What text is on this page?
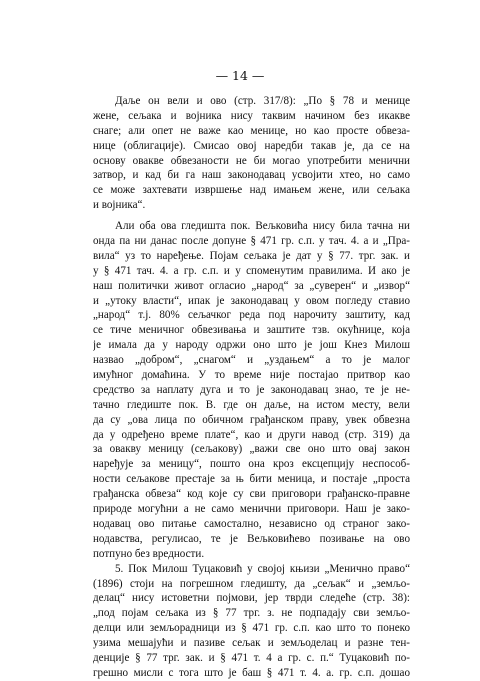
— 14 —
Даље он вели и ово (стр. 317/8): „По § 78 и менице
жене, сељака и војника нису таквим начином без икакве
снаге; али опет не важе као менице, но као просте обвеза-
нице (облигације). Смисао овој наредби такав је, да се на
основу овакве обвезаности не би могао употребити менични
затвор, и кад би га наш законодавац усвојити хтео, но само
се може захтевати извршење над имањем жене, или сељака
и војника“.
Али оба ова гледишта пок. Вељковића нису била тачна ни
онда па ни данас после допуне § 471 гр. с.п. у тач. 4. а и „Пра-
вила“ уз то наређење. Појам сељака је дат у § 77. трг. зак. и
у § 471 тач. 4. а гр. с.п. и у споменутим правилима. И ако је
наш политички живот огласио „народ“ за „суверен“ и „извор“
и „утоку власти“, ипак је законодавац у овом погледу ставио
„народ“ т.ј. 80% сељачког реда под нарочиту заштиту, кад
се тиче меничног обвезивања и заштите тзв. окућнице, која
је имала да у народу одржи оно што је још Кнез Милош
назвао „добром“, „снагом“ и „уздањем“ а то је малог
имућног домаћина. У то време није постајао притвор као
средство за наплату дуга и то је законодавац знао, те је не-
тачно гледиште пок. В. где он даље, на истом месту, вели
да су „ова лица по обичном грађанском праву, увек обвезна
да у одређено време плате“, као и други навод (стр. 319) да
за овакву меницу (сељакову) „важи све оно што овај закон
наређује за меницу“, пошто она кроз ексцепцију неспособ-
ности сељакове престаје за њ бити меница, и постаје „проста
грађанска обвеза“ код које су сви приговори грађанско-правне
природе могућни а не само менични приговори. Наш је зако-
нодавац ово питање самостално, независно од страног зако-
нодавства, регулисао, те је Вељковићево позивање на ово
потпуно без вредности.
5. Пок Милош Туцаковић у својој књизи „Менично право“
(1896) стоји на погрешном гледишту, да „сељак“ и „земљо-
делац“ нису истоветни појмови, јер тврди следеће (стр. 38):
„под појам сељака из § 77 трг. з. не подпадају сви земљо-
делци или земљорадници из § 471 гр. с.п. као што то понеко
узима мешајући и пазиве сељак и земљоделац и разне тен-
денције § 77 трг. зак. и § 471 т. 4 а гр. с. п.“ Туцаковић по-
грешно мисли с тога што је баш § 471 т. 4. а. гр. с.п. дошао
